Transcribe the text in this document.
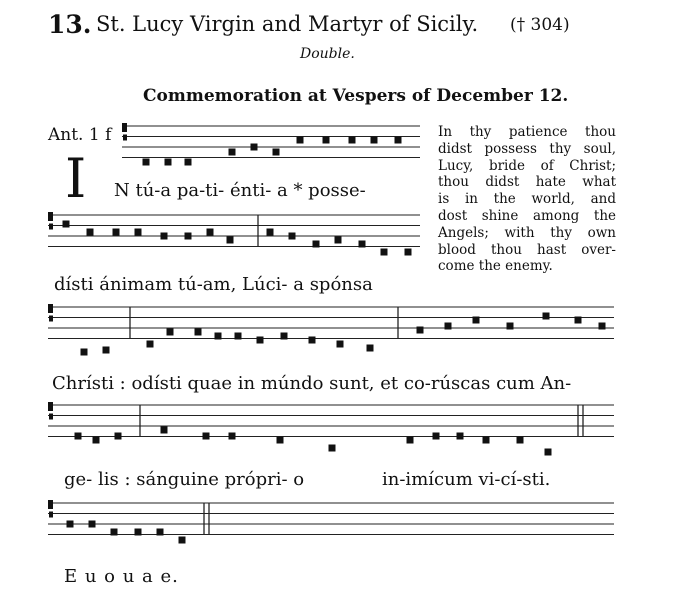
13. St. Lucy Virgin and Martyr of Sicily. († 304)
Double.
Commemoration at Vespers of December 12.
Ant. 1 f
I N tú-a pa-ti- énti- a * posse-
dísti ánimam tú-am, Lúci- a spónsa
Chrísti : odísti quae in múndo sunt, et co-rúscas cum An-
ge- lis : sánguine própri- o	in-imícum vi-cí-sti.
E u o u a e.
In thy patience thou
didst possess thy soul,
Lucy, bride of Christ;
thou didst hate what
is in the world, and
dost shine among the
Angels; with thy own
blood thou hast over-
come the enemy.
